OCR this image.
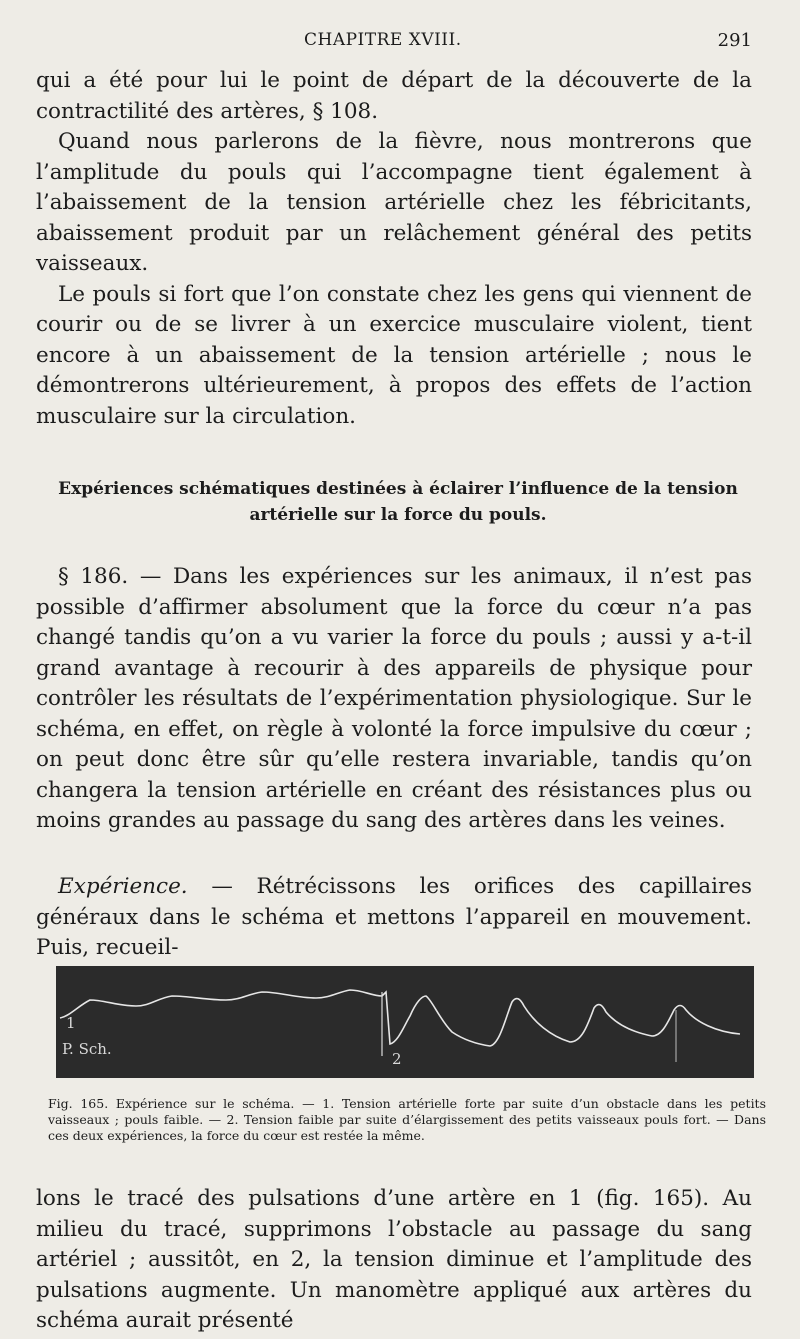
CHAPITRE XVIII.	291

qui a été pour lui le point de départ de la découverte de la contractilité des artères, § 108.

Quand nous parlerons de la fièvre, nous montrerons que l’amplitude du pouls qui l’accompagne tient également à l’abaissement de la tension artérielle chez les fébricitants, abaissement produit par un relâchement général des petits vaisseaux.

Le pouls si fort que l’on constate chez les gens qui viennent de courir ou de se livrer à un exercice musculaire violent, tient encore à un abaissement de la tension artérielle ; nous le démontrerons ultérieurement, à propos des effets de l’action musculaire sur la circulation.

Expériences schématiques destinées à éclairer l’influence de la tension artérielle sur la force du pouls.

§ 186. — Dans les expériences sur les animaux, il n’est pas possible d’affirmer absolument que la force du cœur n’a pas changé tandis qu’on a vu varier la force du pouls ; aussi y a-t-il grand avantage à recourir à des appareils de physique pour contrôler les résultats de l’expérimentation physiologique. Sur le schéma, en effet, on règle à volonté la force impulsive du cœur ; on peut donc être sûr qu’elle restera invariable, tandis qu’on changera la tension artérielle en créant des résistances plus ou moins grandes au passage du sang des artères dans les veines.

Expérience. — Rétrécissons les orifices des capillaires généraux dans le schéma et mettons l’appareil en mouvement. Puis, recueil-

1
P. Sch.
2
Fig. 165. Expérience sur le schéma. — 1. Tension artérielle forte par suite d’un obstacle dans les petits vaisseaux ; pouls faible. — 2. Tension faible par suite d’élargissement des petits vaisseaux pouls fort. — Dans ces deux expériences, la force du cœur est restée la même.

lons le tracé des pulsations d’une artère en 1 (fig. 165). Au milieu du tracé, supprimons l’obstacle au passage du sang artériel ; aussitôt, en 2, la tension diminue et l’amplitude des pulsations augmente. Un manomètre appliqué aux artères du schéma aurait présenté
